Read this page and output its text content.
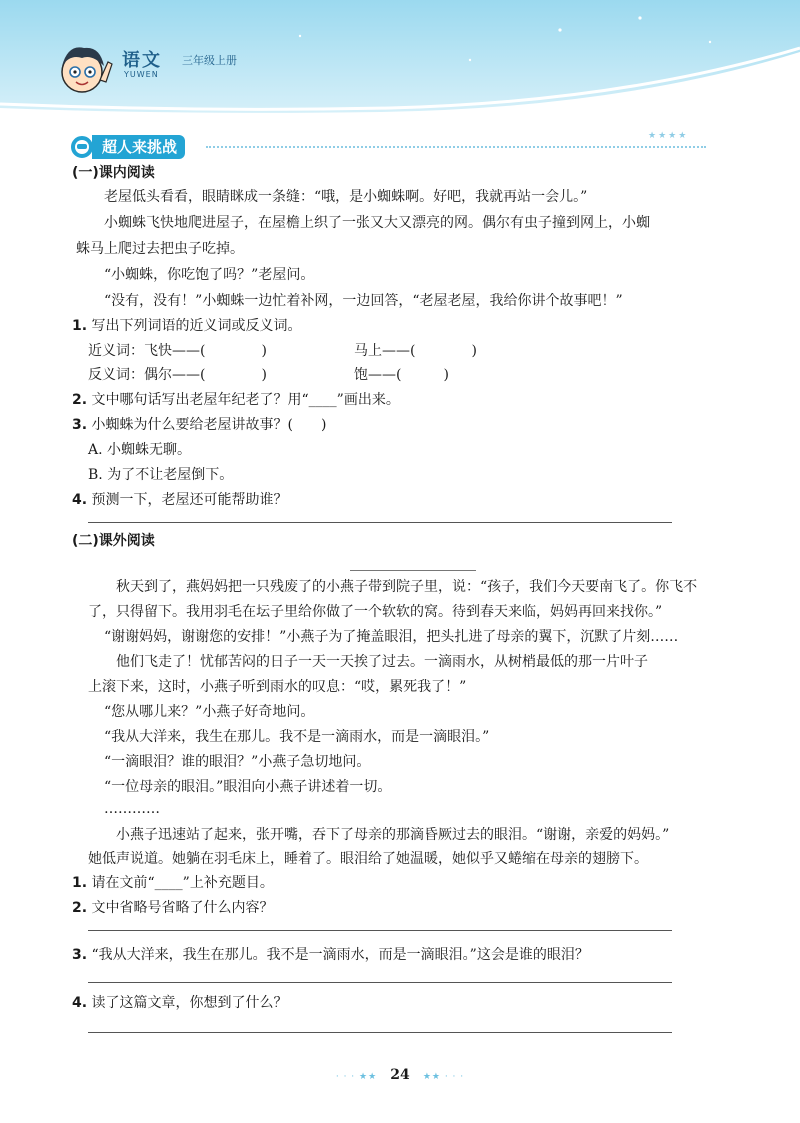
语文
YUWEN
三年级上册
超人来挑战
★★★★
(一)课内阅读
老屋低头看看，眼睛眯成一条缝：“哦，是小蜘蛛啊。好吧，我就再站一会儿。”
小蜘蛛飞快地爬进屋子，在屋檐上织了一张又大又漂亮的网。偶尔有虫子撞到网上，小蜘
蛛马上爬过去把虫子吃掉。
“小蜘蛛，你吃饱了吗？”老屋问。
“没有，没有！”小蜘蛛一边忙着补网，一边回答，“老屋老屋，我给你讲个故事吧！”
1. 写出下列词语的近义词或反义词。
近义词：飞快——(　　　　)	马上——(　　　　)
反义词：偶尔——(　　　　)	饱——(　　　)
2. 文中哪句话写出老屋年纪老了？用“____”画出来。
3. 小蜘蛛为什么要给老屋讲故事？(　　)
A. 小蜘蛛无聊。
B. 为了不让老屋倒下。
4. 预测一下，老屋还可能帮助谁？
(二)课外阅读
秋天到了，燕妈妈把一只残废了的小燕子带到院子里，说：“孩子，我们今天要南飞了。你飞不
了，只得留下。我用羽毛在坛子里给你做了一个软软的窝。待到春天来临，妈妈再回来找你。”
“谢谢妈妈，谢谢您的安排！”小燕子为了掩盖眼泪，把头扎进了母亲的翼下，沉默了片刻……
他们飞走了！忧郁苦闷的日子一天一天挨了过去。一滴雨水，从树梢最低的那一片叶子
上滚下来，这时，小燕子听到雨水的叹息：“哎，累死我了！”
“您从哪儿来？”小燕子好奇地问。
“我从大洋来，我生在那儿。我不是一滴雨水，而是一滴眼泪。”
“一滴眼泪？谁的眼泪？”小燕子急切地问。
“一位母亲的眼泪。”眼泪向小燕子讲述着一切。
…………
小燕子迅速站了起来，张开嘴，吞下了母亲的那滴昏厥过去的眼泪。“谢谢，亲爱的妈妈。”
她低声说道。她躺在羽毛床上，睡着了。眼泪给了她温暖，她似乎又蜷缩在母亲的翅膀下。
1. 请在文前“____”上补充题目。
2. 文中省略号省略了什么内容？
3. “我从大洋来，我生在那儿。我不是一滴雨水，而是一滴眼泪。”这会是谁的眼泪？
4. 读了这篇文章，你想到了什么？
· · · ★★ 24 ★★ · · ·
